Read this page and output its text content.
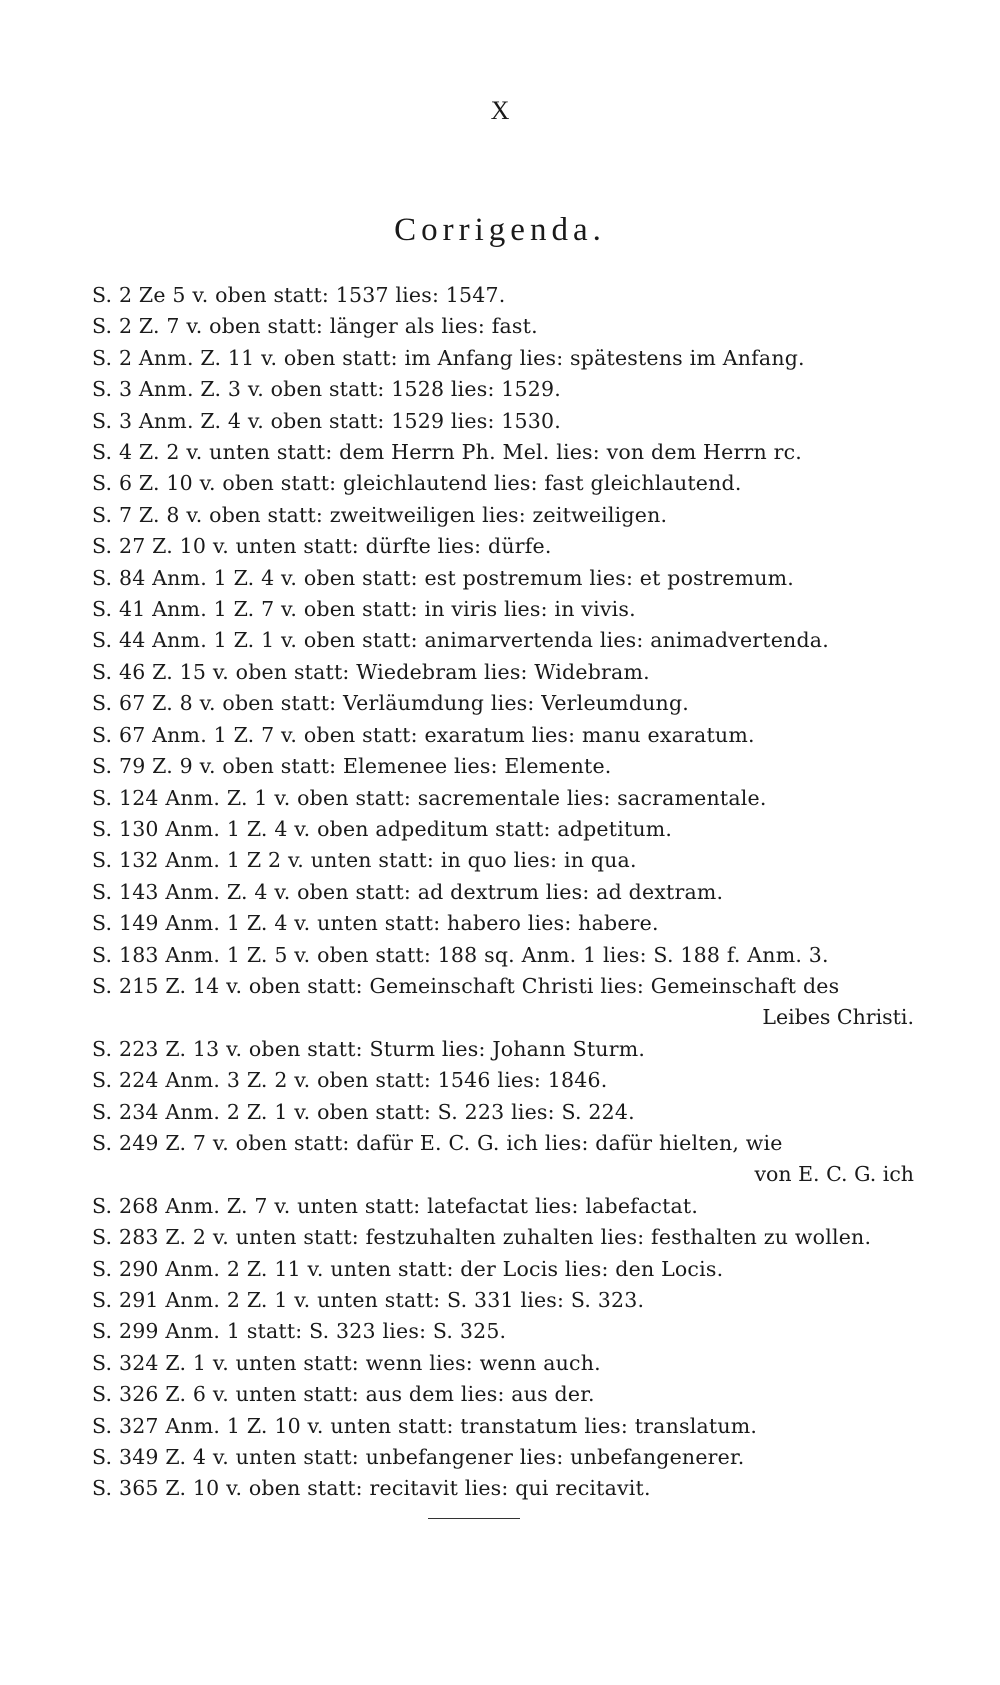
X
Corrigenda.
S. 2 Ze 5 v. oben statt: 1537 lies: 1547.
S. 2 Z. 7 v. oben statt: länger als lies: fast.
S. 2 Anm. Z. 11 v. oben statt: im Anfang lies: spätestens im Anfang.
S. 3 Anm. Z. 3 v. oben statt: 1528 lies: 1529.
S. 3 Anm. Z. 4 v. oben statt: 1529 lies: 1530.
S. 4 Z. 2 v. unten statt: dem Herrn Ph. Mel. lies: von dem Herrn rc.
S. 6 Z. 10 v. oben statt: gleichlautend lies: fast gleichlautend.
S. 7 Z. 8 v. oben statt: zweitweiligen lies: zeitweiligen.
S. 27 Z. 10 v. unten statt: dürfte lies: dürfe.
S. 84 Anm. 1 Z. 4 v. oben statt: est postremum lies: et postremum.
S. 41 Anm. 1 Z. 7 v. oben statt: in viris lies: in vivis.
S. 44 Anm. 1 Z. 1 v. oben statt: animarvertenda lies: animadvertenda.
S. 46 Z. 15 v. oben statt: Wiedebram lies: Widebram.
S. 67 Z. 8 v. oben statt: Verläumdung lies: Verleumdung.
S. 67 Anm. 1 Z. 7 v. oben statt: exaratum lies: manu exaratum.
S. 79 Z. 9 v. oben statt: Elemenee lies: Elemente.
S. 124 Anm. Z. 1 v. oben statt: sacrementale lies: sacramentale.
S. 130 Anm. 1 Z. 4 v. oben adpeditum statt: adpetitum.
S. 132 Anm. 1 Z 2 v. unten statt: in quo lies: in qua.
S. 143 Anm. Z. 4 v. oben statt: ad dextrum lies: ad dextram.
S. 149 Anm. 1 Z. 4 v. unten statt: habero lies: habere.
S. 183 Anm. 1 Z. 5 v. oben statt: 188 sq. Anm. 1 lies: S. 188 f. Anm. 3.
S. 215 Z. 14 v. oben statt: Gemeinschaft Christi lies: Gemeinschaft des
Leibes Christi.
S. 223 Z. 13 v. oben statt: Sturm lies: Johann Sturm.
S. 224 Anm. 3 Z. 2 v. oben statt: 1546 lies: 1846.
S. 234 Anm. 2 Z. 1 v. oben statt: S. 223 lies: S. 224.
S. 249 Z. 7 v. oben statt: dafür E. C. G. ich lies: dafür hielten, wie
von E. C. G. ich
S. 268 Anm. Z. 7 v. unten statt: latefactat lies: labefactat.
S. 283 Z. 2 v. unten statt: festzuhalten zuhalten lies: festhalten zu wollen.
S. 290 Anm. 2 Z. 11 v. unten statt: der Locis lies: den Locis.
S. 291 Anm. 2 Z. 1 v. unten statt: S. 331 lies: S. 323.
S. 299 Anm. 1 statt: S. 323 lies: S. 325.
S. 324 Z. 1 v. unten statt: wenn lies: wenn auch.
S. 326 Z. 6 v. unten statt: aus dem lies: aus der.
S. 327 Anm. 1 Z. 10 v. unten statt: transtatum lies: translatum.
S. 349 Z. 4 v. unten statt: unbefangener lies: unbefangenerer.
S. 365 Z. 10 v. oben statt: recitavit lies: qui recitavit.
